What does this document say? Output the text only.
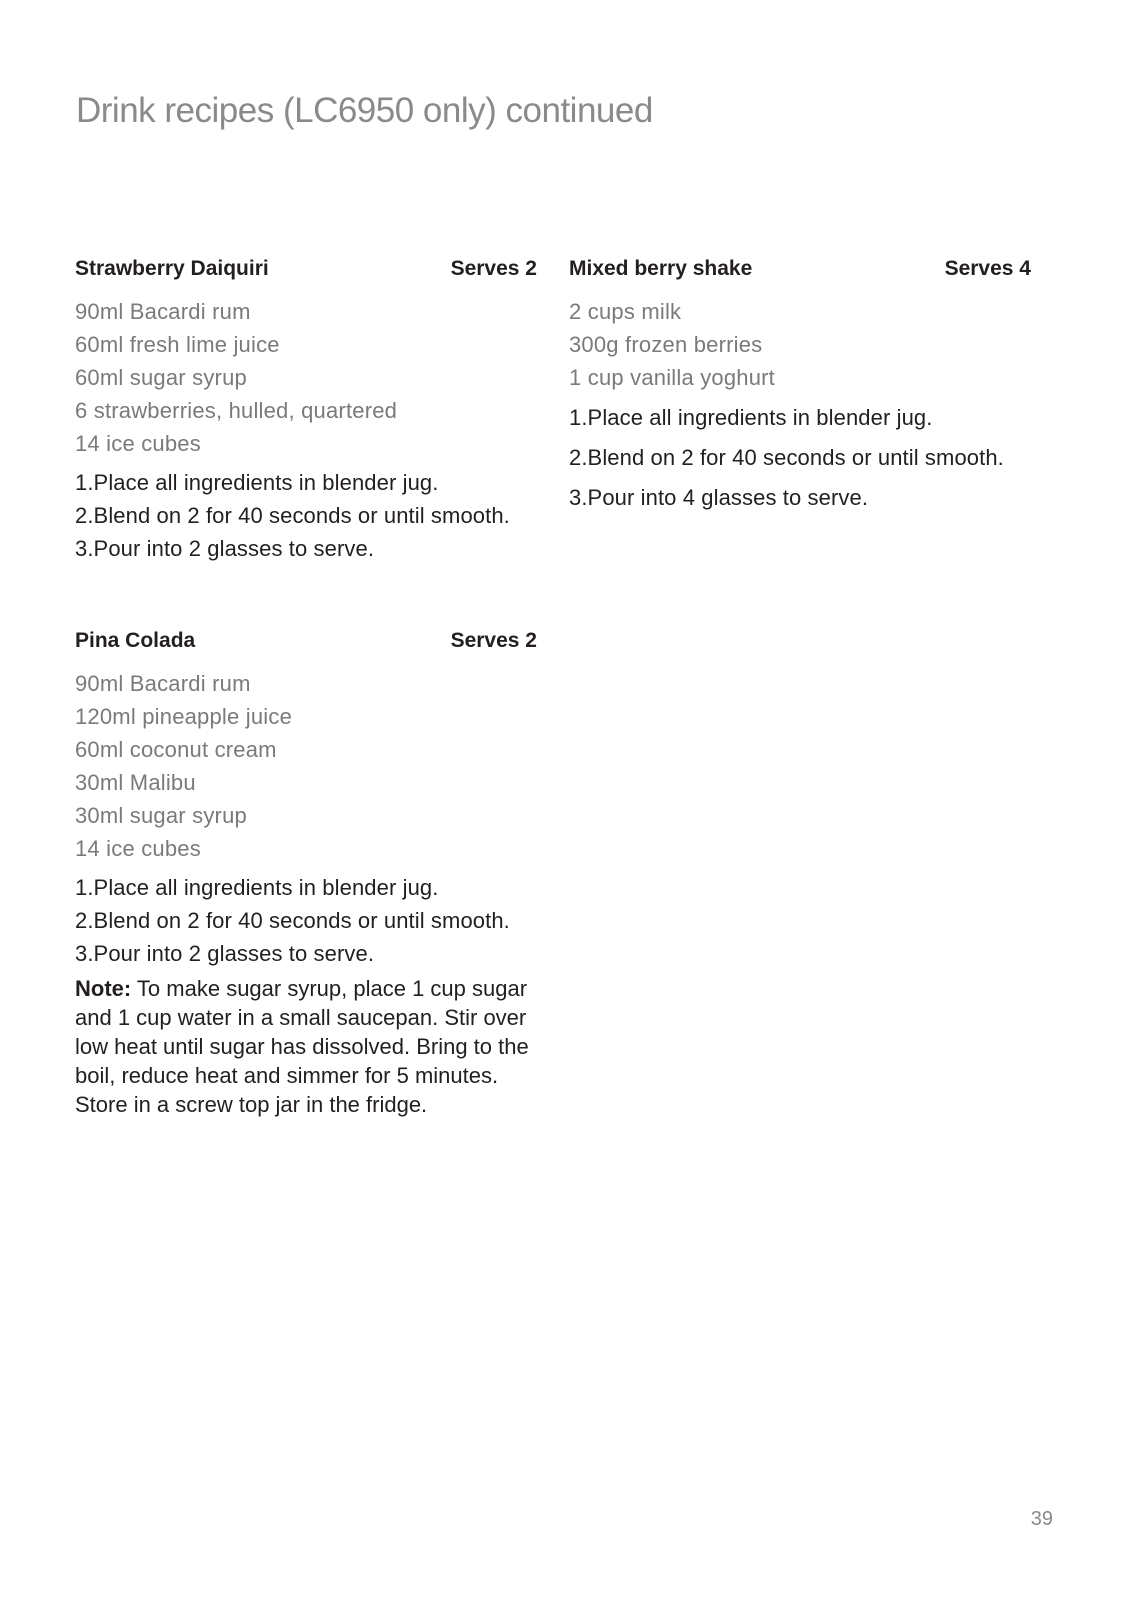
Drink recipes (LC6950 only) continued
Strawberry Daiquiri	Serves 2
90ml Bacardi rum
60ml fresh lime juice
60ml sugar syrup
6 strawberries, hulled, quartered
14 ice cubes
1.Place all ingredients in blender jug.
2.Blend on 2 for 40 seconds or until smooth.
3.Pour into 2 glasses to serve.
Mixed berry shake	Serves 4
2 cups milk
300g frozen berries
1 cup vanilla yoghurt
1.Place all ingredients in blender jug.
2.Blend on 2 for 40 seconds or until smooth.
3.Pour into 4 glasses to serve.
Pina Colada	Serves 2
90ml Bacardi rum
120ml pineapple juice
60ml coconut cream
30ml Malibu
30ml sugar syrup
14 ice cubes
1.Place all ingredients in blender jug.
2.Blend on 2 for 40 seconds or until smooth.
3.Pour into 2 glasses to serve.

Note: To make sugar syrup, place 1 cup sugar and 1 cup water in a small saucepan. Stir over low heat until sugar has dissolved. Bring to the boil, reduce heat and simmer for 5 minutes. Store in a screw top jar in the fridge.

39
